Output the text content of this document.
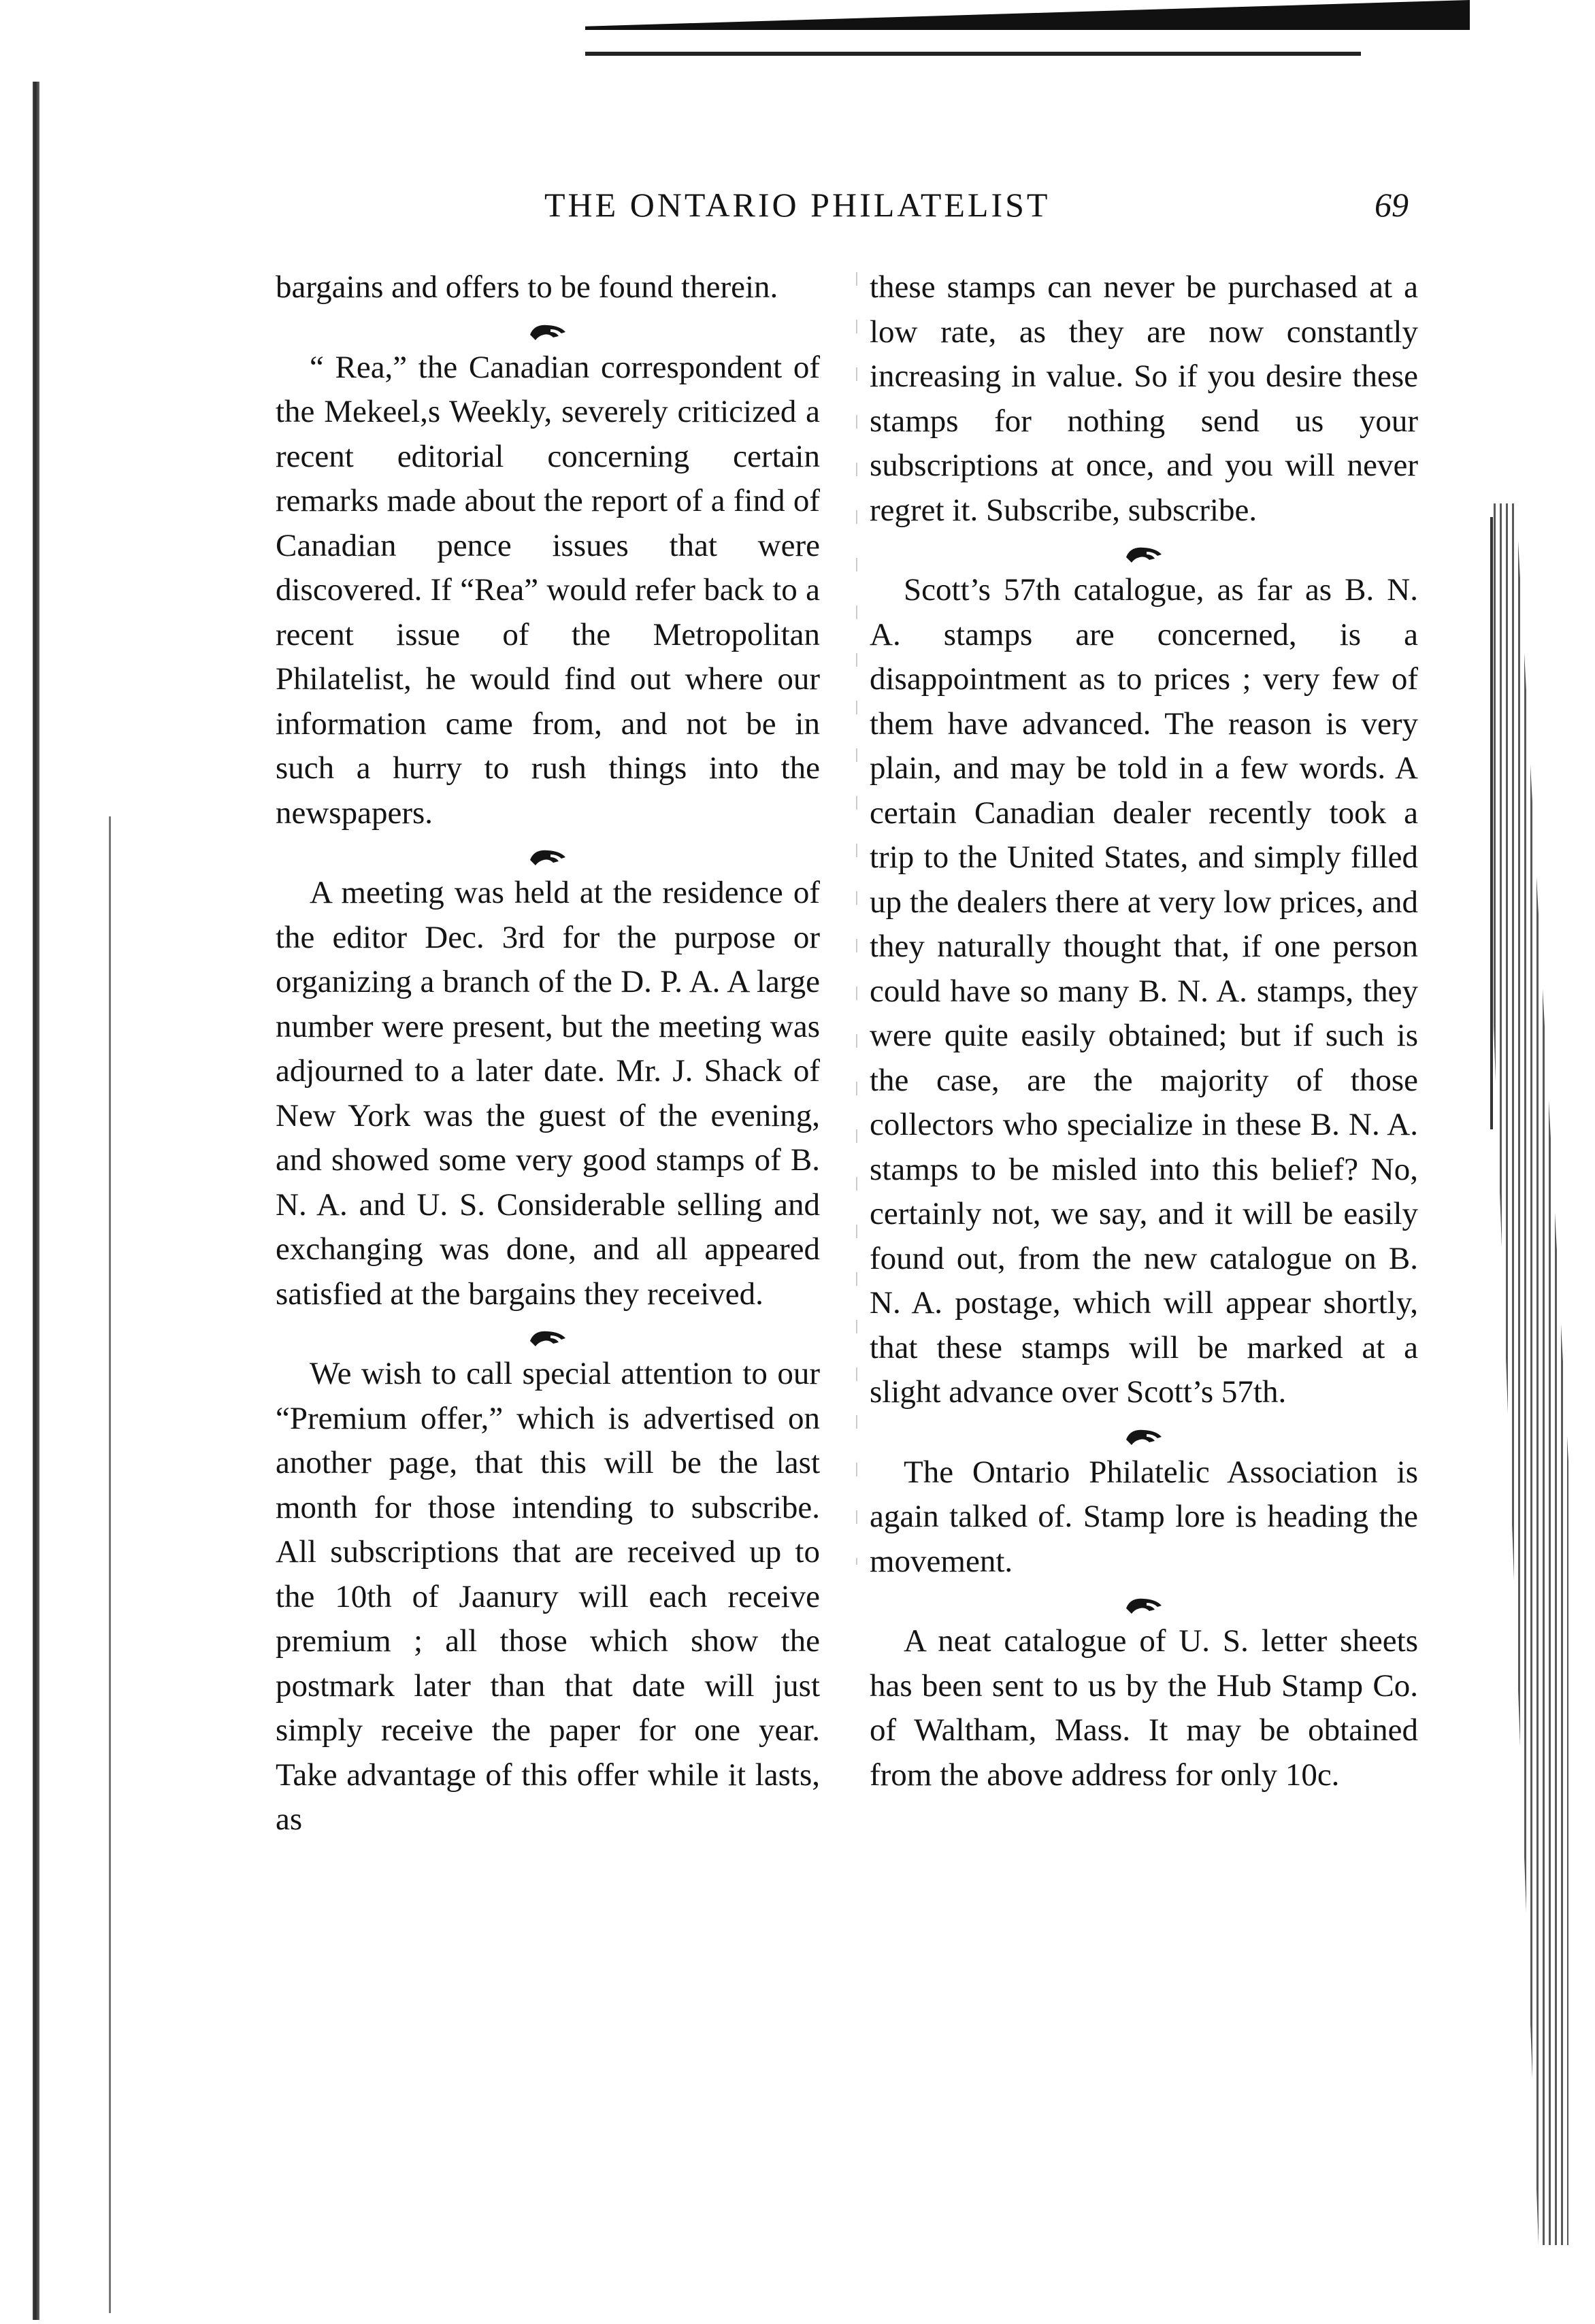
THE ONTARIO PHILATELIST	69

bargains and offers to be found therein.

“ Rea,” the Canadian correspondent of the Mekeel,s Weekly, severely criticized a recent editorial concerning certain remarks made about the report of a find of Canadian pence issues that were discovered. If “Rea” would refer back to a recent issue of the Metropolitan Philatelist, he would find out where our information came from, and not be in such a hurry to rush things into the newspapers.

A meeting was held at the residence of the editor Dec. 3rd for the purpose or organizing a branch of the D. P. A. A large number were present, but the meeting was adjourned to a later date. Mr. J. Shack of New York was the guest of the evening, and showed some very good stamps of B. N. A. and U. S. Considerable selling and exchanging was done, and all appeared satisfied at the bargains they received.

We wish to call special attention to our “Premium offer,” which is advertised on another page, that this will be the last month for those intending to subscribe. All subscriptions that are received up to the 10th of Jaanury will each receive premium ; all those which show the postmark later than that date will just simply receive the paper for one year. Take advantage of this offer while it lasts, as

these stamps can never be purchased at a low rate, as they are now constantly increasing in value. So if you desire these stamps for nothing send us your subscriptions at once, and you will never regret it. Subscribe, subscribe.

Scott’s 57th catalogue, as far as B. N. A. stamps are concerned, is a disappointment as to prices ; very few of them have advanced. The reason is very plain, and may be told in a few words. A certain Canadian dealer recently took a trip to the United States, and simply filled up the dealers there at very low prices, and they naturally thought that, if one person could have so many B. N. A. stamps, they were quite easily obtained; but if such is the case, are the majority of those collectors who specialize in these B. N. A. stamps to be misled into this belief? No, certainly not, we say, and it will be easily found out, from the new catalogue on B. N. A. postage, which will appear shortly, that these stamps will be marked at a slight advance over Scott’s 57th.

The Ontario Philatelic Association is again talked of. Stamp lore is heading the movement.

A neat catalogue of U. S. letter sheets has been sent to us by the Hub Stamp Co. of Waltham, Mass. It may be obtained from the above address for only 10c.
